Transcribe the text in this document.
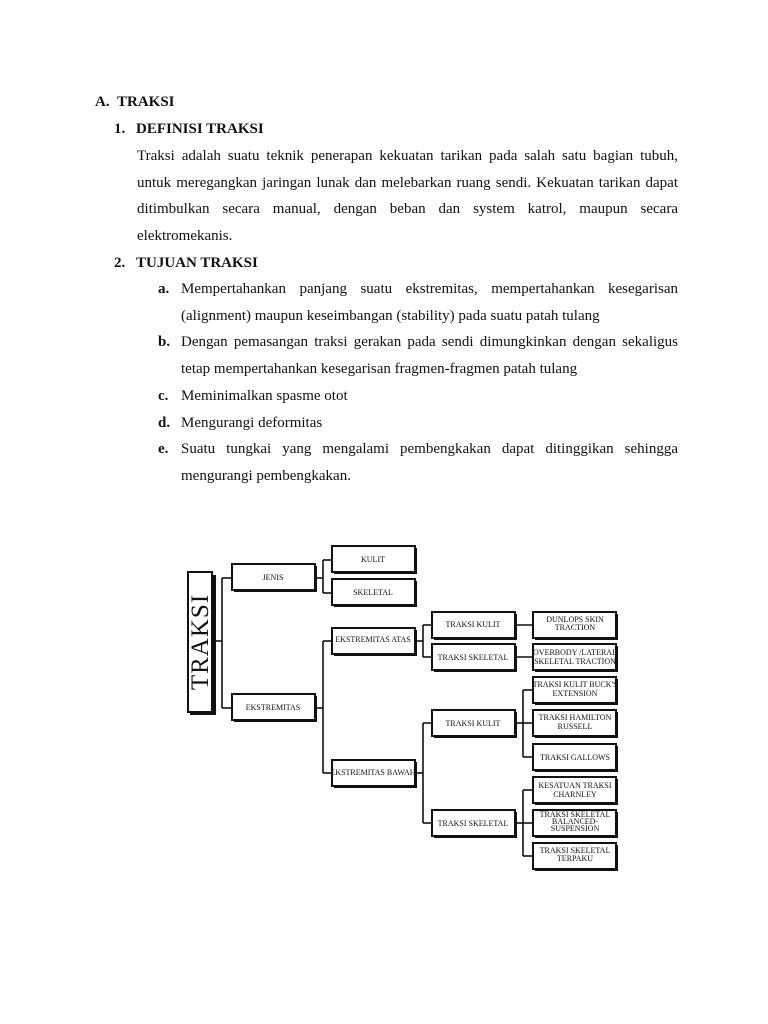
A. TRAKSI
1. DEFINISI TRAKSI

Traksi adalah suatu teknik penerapan kekuatan tarikan pada salah satu bagian tubuh, untuk meregangkan jaringan lunak dan melebarkan ruang sendi. Kekuatan tarikan dapat ditimbulkan secara manual, dengan beban dan system katrol, maupun secara elektromekanis.

2. TUJUAN TRAKSI
a. Mempertahankan panjang suatu ekstremitas, mempertahankan kesegarisan (alignment) maupun keseimbangan (stability) pada suatu patah tulang
b. Dengan pemasangan traksi gerakan pada sendi dimungkinkan dengan sekaligus tetap mempertahankan kesegarisan fragmen-fragmen patah tulang
c. Meminimalkan spasme otot
d. Mengurangi deformitas
e. Suatu tungkai yang mengalami pembengkakan dapat ditinggikan sehingga mengurangi pembengkakan.
TRAKSI
JENIS
KULIT
SKELETAL
EKSTREMITAS
EKSTREMITAS ATAS
EKSTREMITAS BAWAH
TRAKSI KULIT
TRAKSI SKELETAL
DUNLOPS SKIN TRACTION
OVERBODY /LATERAL SKELETAL TRACTION
TRAKSI KULIT
TRAKSI SKELETAL
TRAKSI KULIT BUCK'S EXTENSION
TRAKSI HAMILTON RUSSELL
TRAKSI GALLOWS
KESATUAN TRAKSI CHARNLEY
TRAKSI SKELETAL BALANCED-SUSPENSION
TRAKSI SKELETAL TERPAKU
